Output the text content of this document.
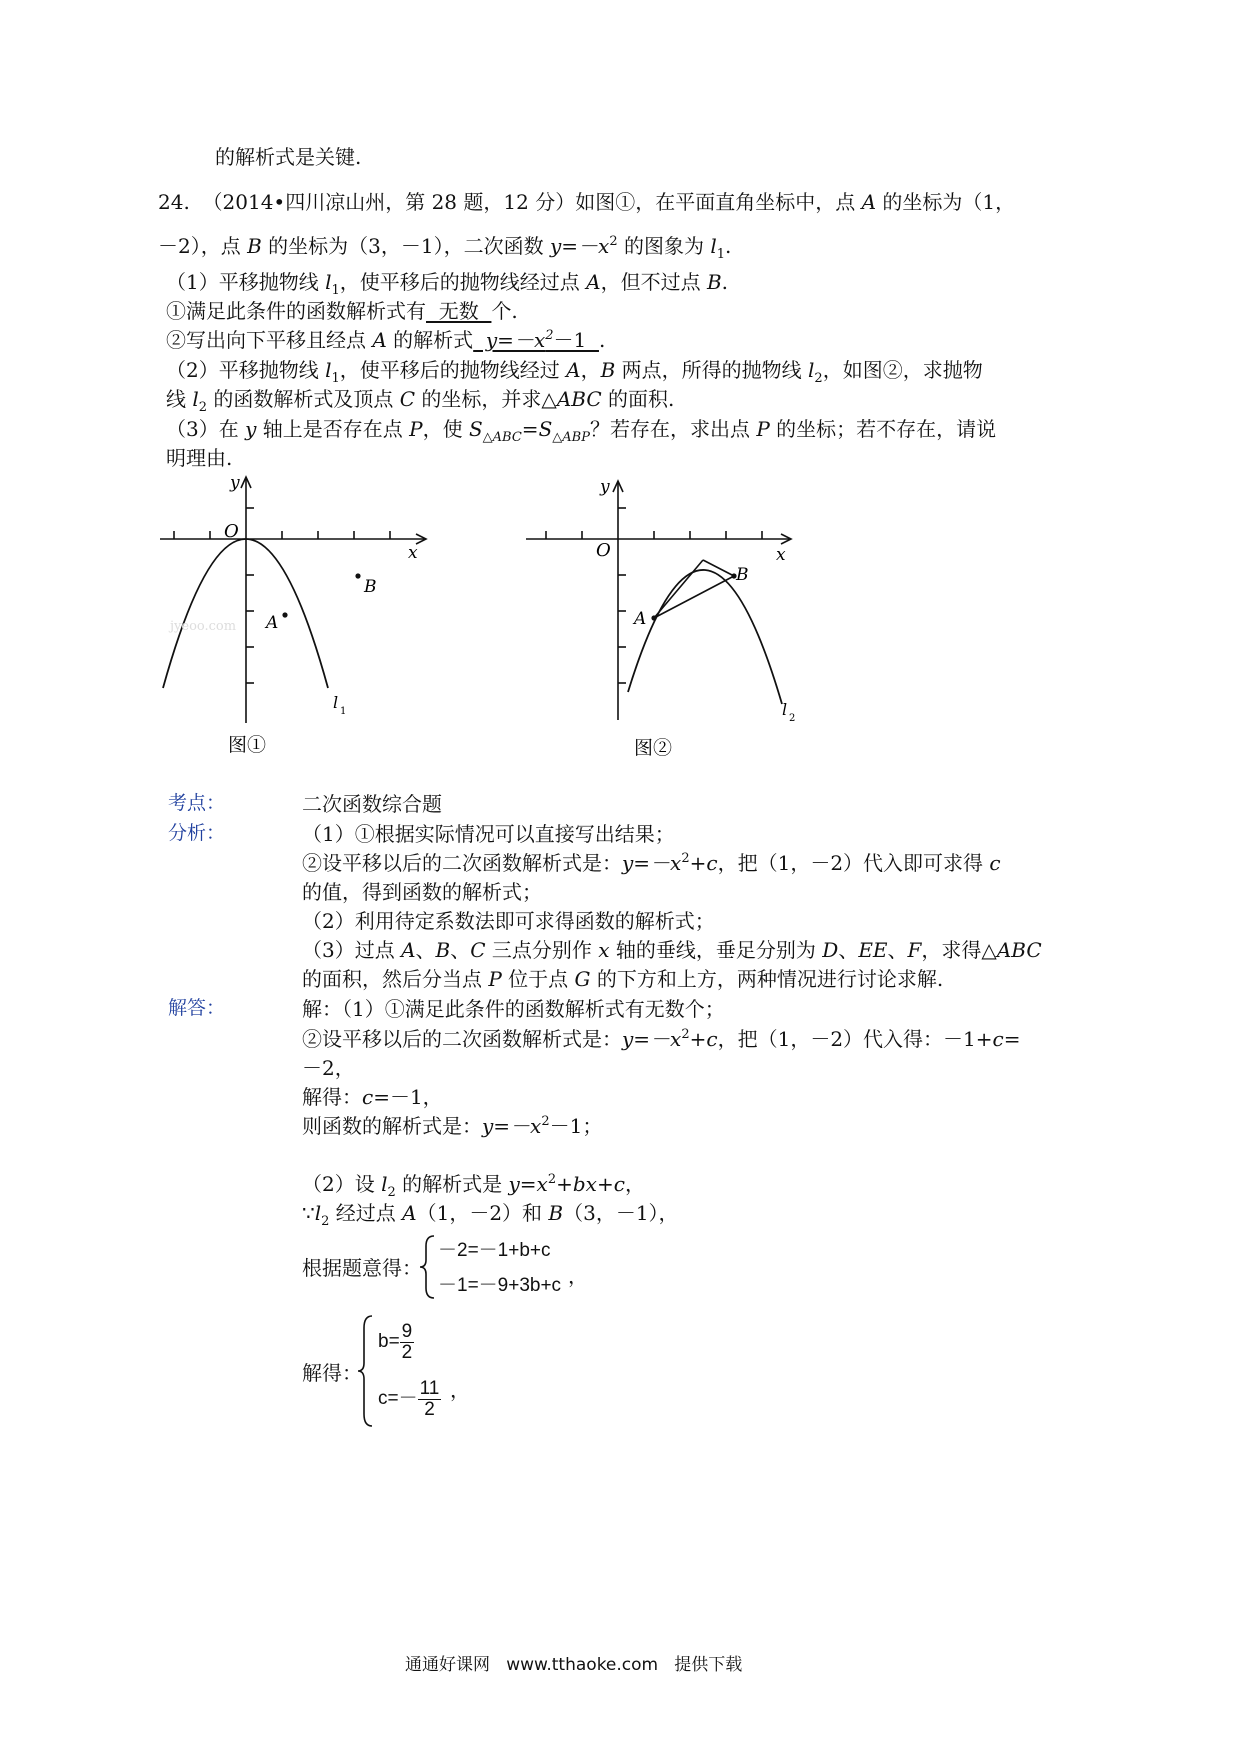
的解析式是关键.
24. （2014•四川凉山州，第 28 题，12 分）如图①，在平面直角坐标中，点 A 的坐标为（1，
－2），点 B 的坐标为（3，－1），二次函数 $y=-x^2$ 的图象为 $l_1$.
（1）平移抛物线 $l_1$，使平移后的抛物线经过点 A，但不过点 B.
①满足此条件的函数解析式有  无数  个.
②写出向下平移且经点 A 的解析式  $y=-x^2-1$  .
（2）平移抛物线 $l_1$，使平移后的抛物线经过 A，B 两点，所得的抛物线 $l_2$，如图②，求抛物
线 $l_2$ 的函数解析式及顶点 C 的坐标，并求△ABC 的面积.
（3）在 y 轴上是否存在点 P，使 $S_{\triangle ABC}=S_{\triangle ABP}$？若存在，求出点 P 的坐标；若不存在，请说
明理由.
O
x
y
A
B
l 1
jyeoo.com
图①
O	x
y
A
B
l 2
图②
考点：	二次函数综合题
分析：	（1）①根据实际情况可以直接写出结果；
②设平移以后的二次函数解析式是：$y=-x^2+c$，把（1，－2）代入即可求得 c
的值，得到函数的解析式；
（2）利用待定系数法即可求得函数的解析式；
（3）过点 A、B、C 三点分别作 x 轴的垂线，垂足分别为 D、EE、F，求得△ABC
的面积，然后分当点 P 位于点 G 的下方和上方，两种情况进行讨论求解.
解答：	解：（1）①满足此条件的函数解析式有无数个；
②设平移以后的二次函数解析式是：$y=-x^2+c$，把（1，－2）代入得：－1+c=
－2，
解得：c=－1，
则函数的解析式是：$y=-x^2-1$；
（2）设 $l_2$ 的解析式是 $y=x^2+bx+c$，
$\because l_2$ 经过点 A（1，－2）和 B（3，－1），
根据题意得：
－2=－1+b+c
－1=－9+3b+c ，
解得：
$b= \frac{9}{2}$
$c=- \frac{11}{2}$ ，
通通好课网   www.tthaoke.com   提供下载
